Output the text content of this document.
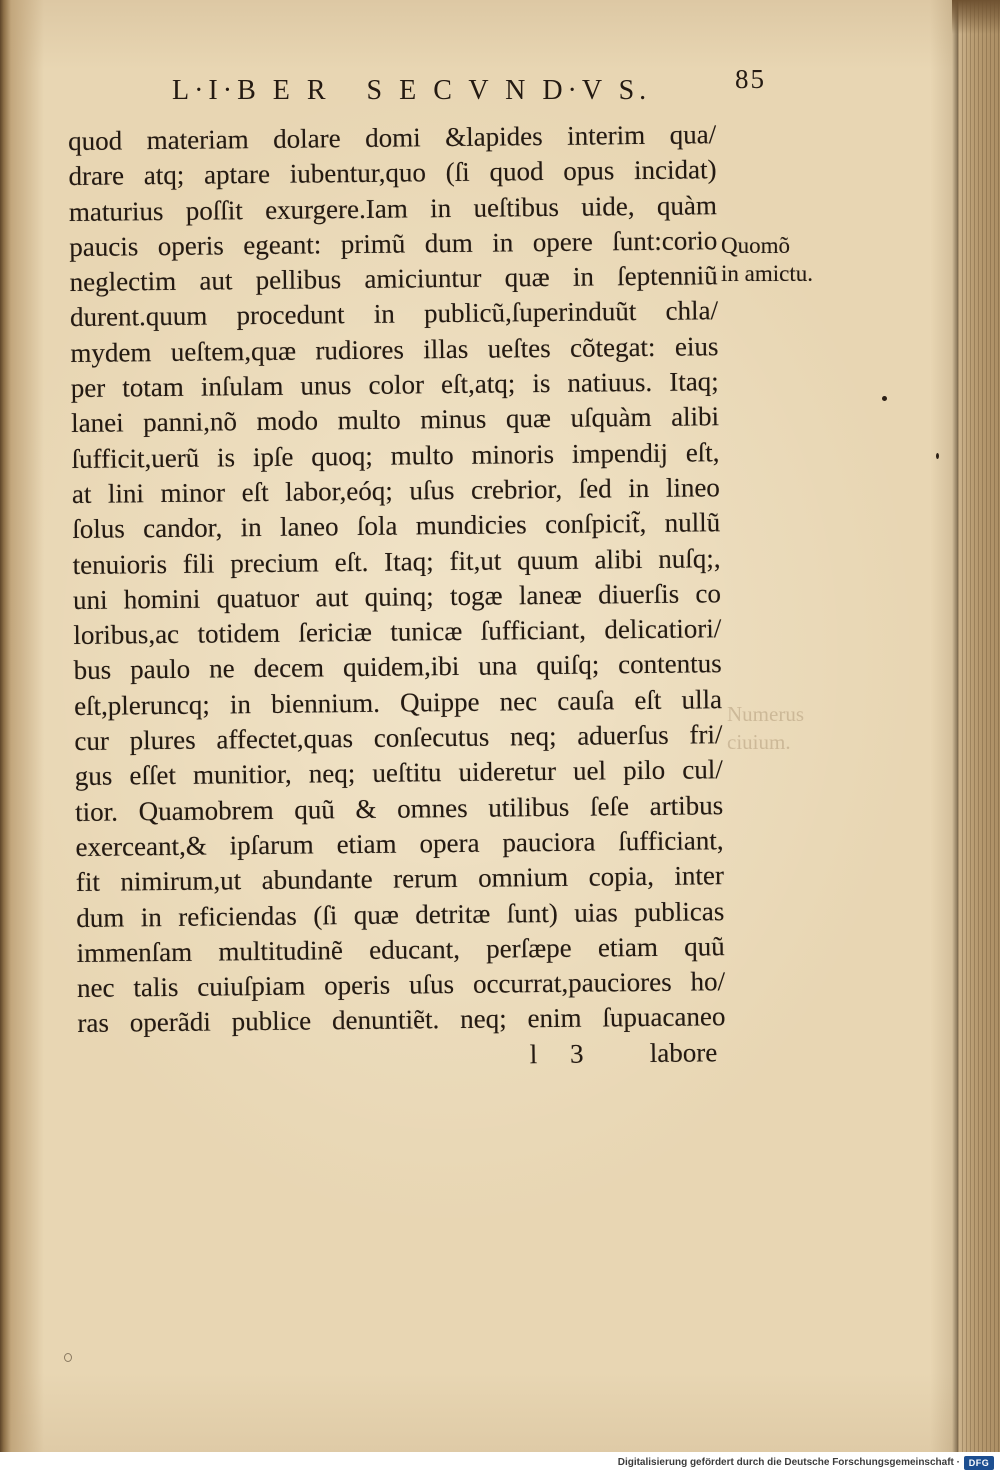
L·I·B E R   S E C V N D·V S.	85
quod materiam dolare domi &lapides interim qua/
drare atq; aptare iubentur,quo (ſi quod opus incidat)
maturius poſſit exurgere.Iam in ueſtibus uide, quàm
paucis operis egeant: primũ dum in opere ſunt:corio
neglectim aut pellibus amiciuntur quæ in ſeptenniũ
durent.quum procedunt in publicũ,ſuperinduũt chla/
mydem ueſtem,quæ rudiores illas ueſtes cõtegat: eius
per totam inſulam unus color eſt,atq; is natiuus. Itaq;
lanei panni,nõ modo multo minus quæ uſquàm alibi
ſufficit,uerũ is ipſe quoq; multo minoris impendij eſt,
at lini minor eſt labor,eóq; uſus crebrior, ſed in lineo
ſolus candor, in laneo ſola mundicies conſpicit̃, nullũ
tenuioris fili precium eſt. Itaq; fit,ut quum alibi nuſq;,
uni homini quatuor aut quinq; togæ laneæ diuerſis co
loribus,ac totidem ſericiæ tunicæ ſufficiant, delicatiori/
bus paulo ne decem quidem,ibi una quiſq; contentus
eſt,pleruncq; in biennium. Quippe nec cauſa eſt ulla
cur plures affectet,quas conſecutus neq; aduerſus fri/
gus eſſet munitior, neq; ueſtitu uideretur uel pilo cul/
tior. Quamobrem quũ & omnes utilibus ſeſe artibus
exerceant,& ipſarum etiam opera pauciora ſufficiant,
fit nimirum,ut abundante rerum omnium copia, inter
dum in reficiendas (ſi quæ detritæ ſunt) uias publicas
immenſam multitudinẽ educant, perſæpe etiam quũ
nec talis cuiuſpiam operis uſus occurrat,pauciores ho/
ras operãdi publice denuntiẽt. neq; enim ſupuacaneo
l 3 labore
Quomõ
in amictu.
Numerus
ciuium.
Digitalisierung gefördert durch die Deutsche Forschungsgemeinschaft · DFG
